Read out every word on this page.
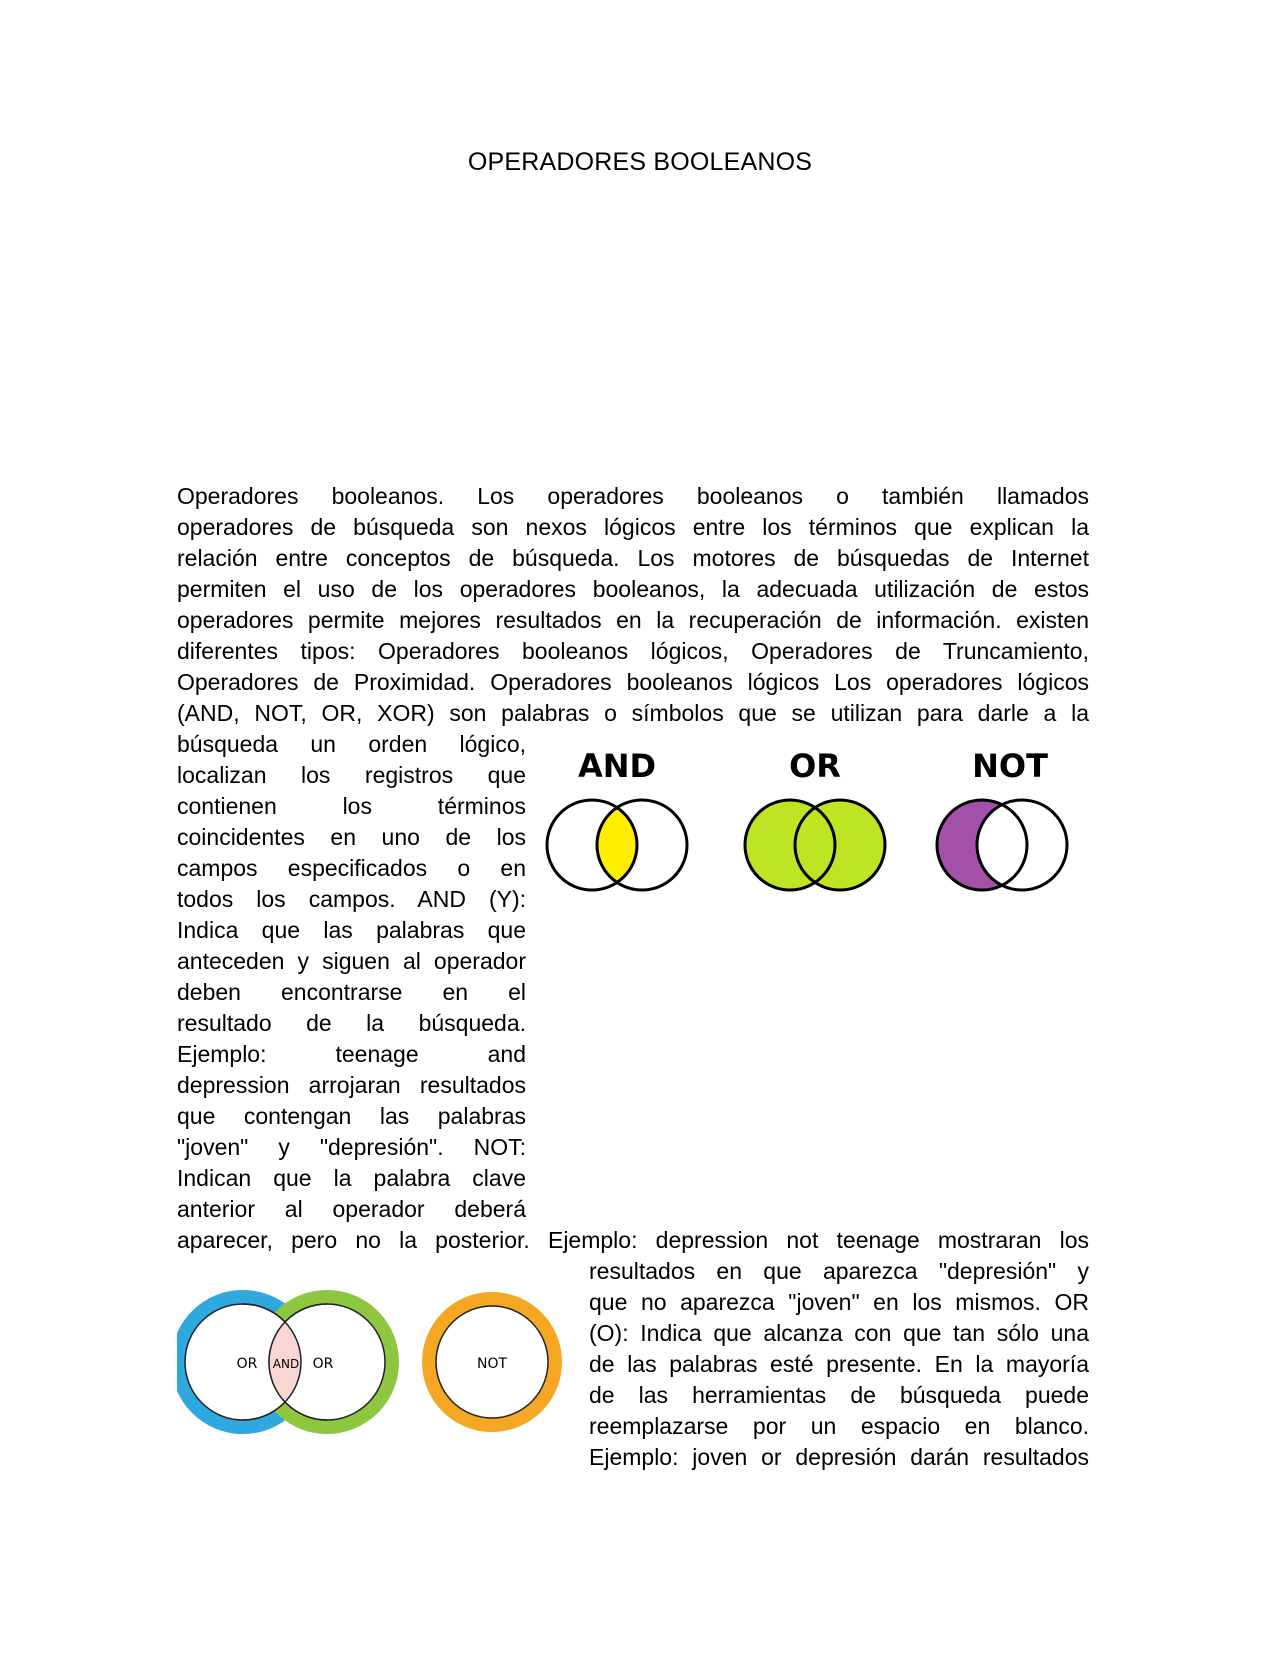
OPERADORES BOOLEANOS
Operadores booleanos. Los operadores booleanos o también llamados
operadores de búsqueda son nexos lógicos entre los términos que explican la
relación entre conceptos de búsqueda. Los motores de búsquedas de Internet
permiten el uso de los operadores booleanos, la adecuada utilización de estos
operadores permite mejores resultados en la recuperación de información. existen
diferentes tipos: Operadores booleanos lógicos, Operadores de Truncamiento,
Operadores de Proximidad. Operadores booleanos lógicos Los operadores lógicos
(AND, NOT, OR, XOR) son palabras o símbolos que se utilizan para darle a la
búsqueda un orden lógico,
localizan los registros que
contienen los términos
coincidentes en uno de los
campos especificados o en
todos los campos. AND (Y):
Indica que las palabras que
anteceden y siguen al operador
deben encontrarse en el
resultado de la búsqueda.
Ejemplo: teenage and
depression arrojaran resultados
que contengan las palabras
"joven" y "depresión". NOT:
Indican que la palabra clave
anterior al operador deberá
aparecer, pero no la posterior. Ejemplo: depression not teenage mostraran los
resultados en que aparezca "depresión" y
que no aparezca "joven" en los mismos. OR
(O): Indica que alcanza con que tan sólo una
de las palabras esté presente. En la mayoría
de las herramientas de búsqueda puede
reemplazarse por un espacio en blanco.
Ejemplo: joven or depresión darán resultados
AND	OR	NOT
OR AND OR	NOT
